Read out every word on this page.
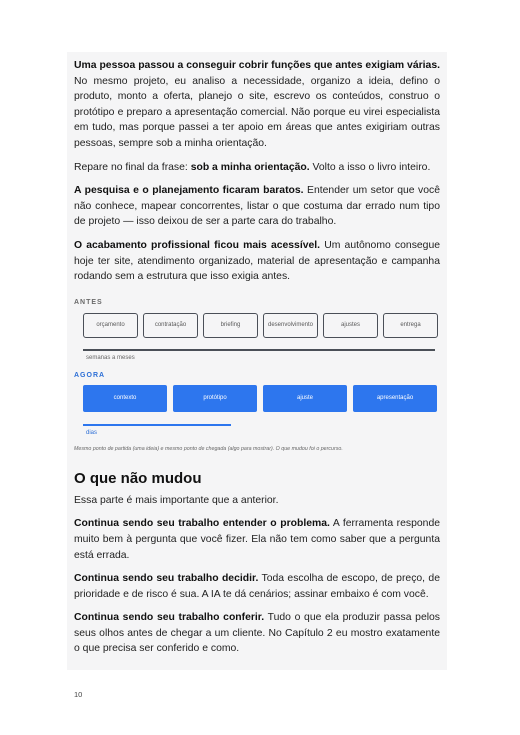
Uma pessoa passou a conseguir cobrir funções que antes exigiam várias. No mesmo projeto, eu analiso a necessidade, organizo a ideia, defino o produto, monto a oferta, planejo o site, escrevo os conteúdos, construo o protótipo e preparo a apresentação comercial. Não porque eu virei especialista em tudo, mas porque passei a ter apoio em áreas que antes exigiriam outras pessoas, sempre sob a minha orientação.

Repare no final da frase: sob a minha orientação. Volto a isso o livro inteiro.

A pesquisa e o planejamento ficaram baratos. Entender um setor que você não conhece, mapear concorrentes, listar o que costuma dar errado num tipo de projeto — isso deixou de ser a parte cara do trabalho.

O acabamento profissional ficou mais acessível. Um autônomo consegue hoje ter site, atendimento organizado, material de apresentação e campanha rodando sem a estrutura que isso exigia antes.

ANTES
orçamento	contratação	briefing	desenvolvimento	ajustes	entrega
semanas a meses
AGORA
contexto	protótipo	ajuste	apresentação
dias
Mesmo ponto de partida (uma ideia) e mesmo ponto de chegada (algo para mostrar). O que mudou foi o percurso.
O que não mudou

Essa parte é mais importante que a anterior.

Continua sendo seu trabalho entender o problema. A ferramenta responde muito bem à pergunta que você fizer. Ela não tem como saber que a pergunta está errada.

Continua sendo seu trabalho decidir. Toda escolha de escopo, de preço, de prioridade e de risco é sua. A IA te dá cenários; assinar embaixo é com você.

Continua sendo seu trabalho conferir. Tudo o que ela produzir passa pelos seus olhos antes de chegar a um cliente. No Capítulo 2 eu mostro exatamente o que precisa ser conferido e como.

10
